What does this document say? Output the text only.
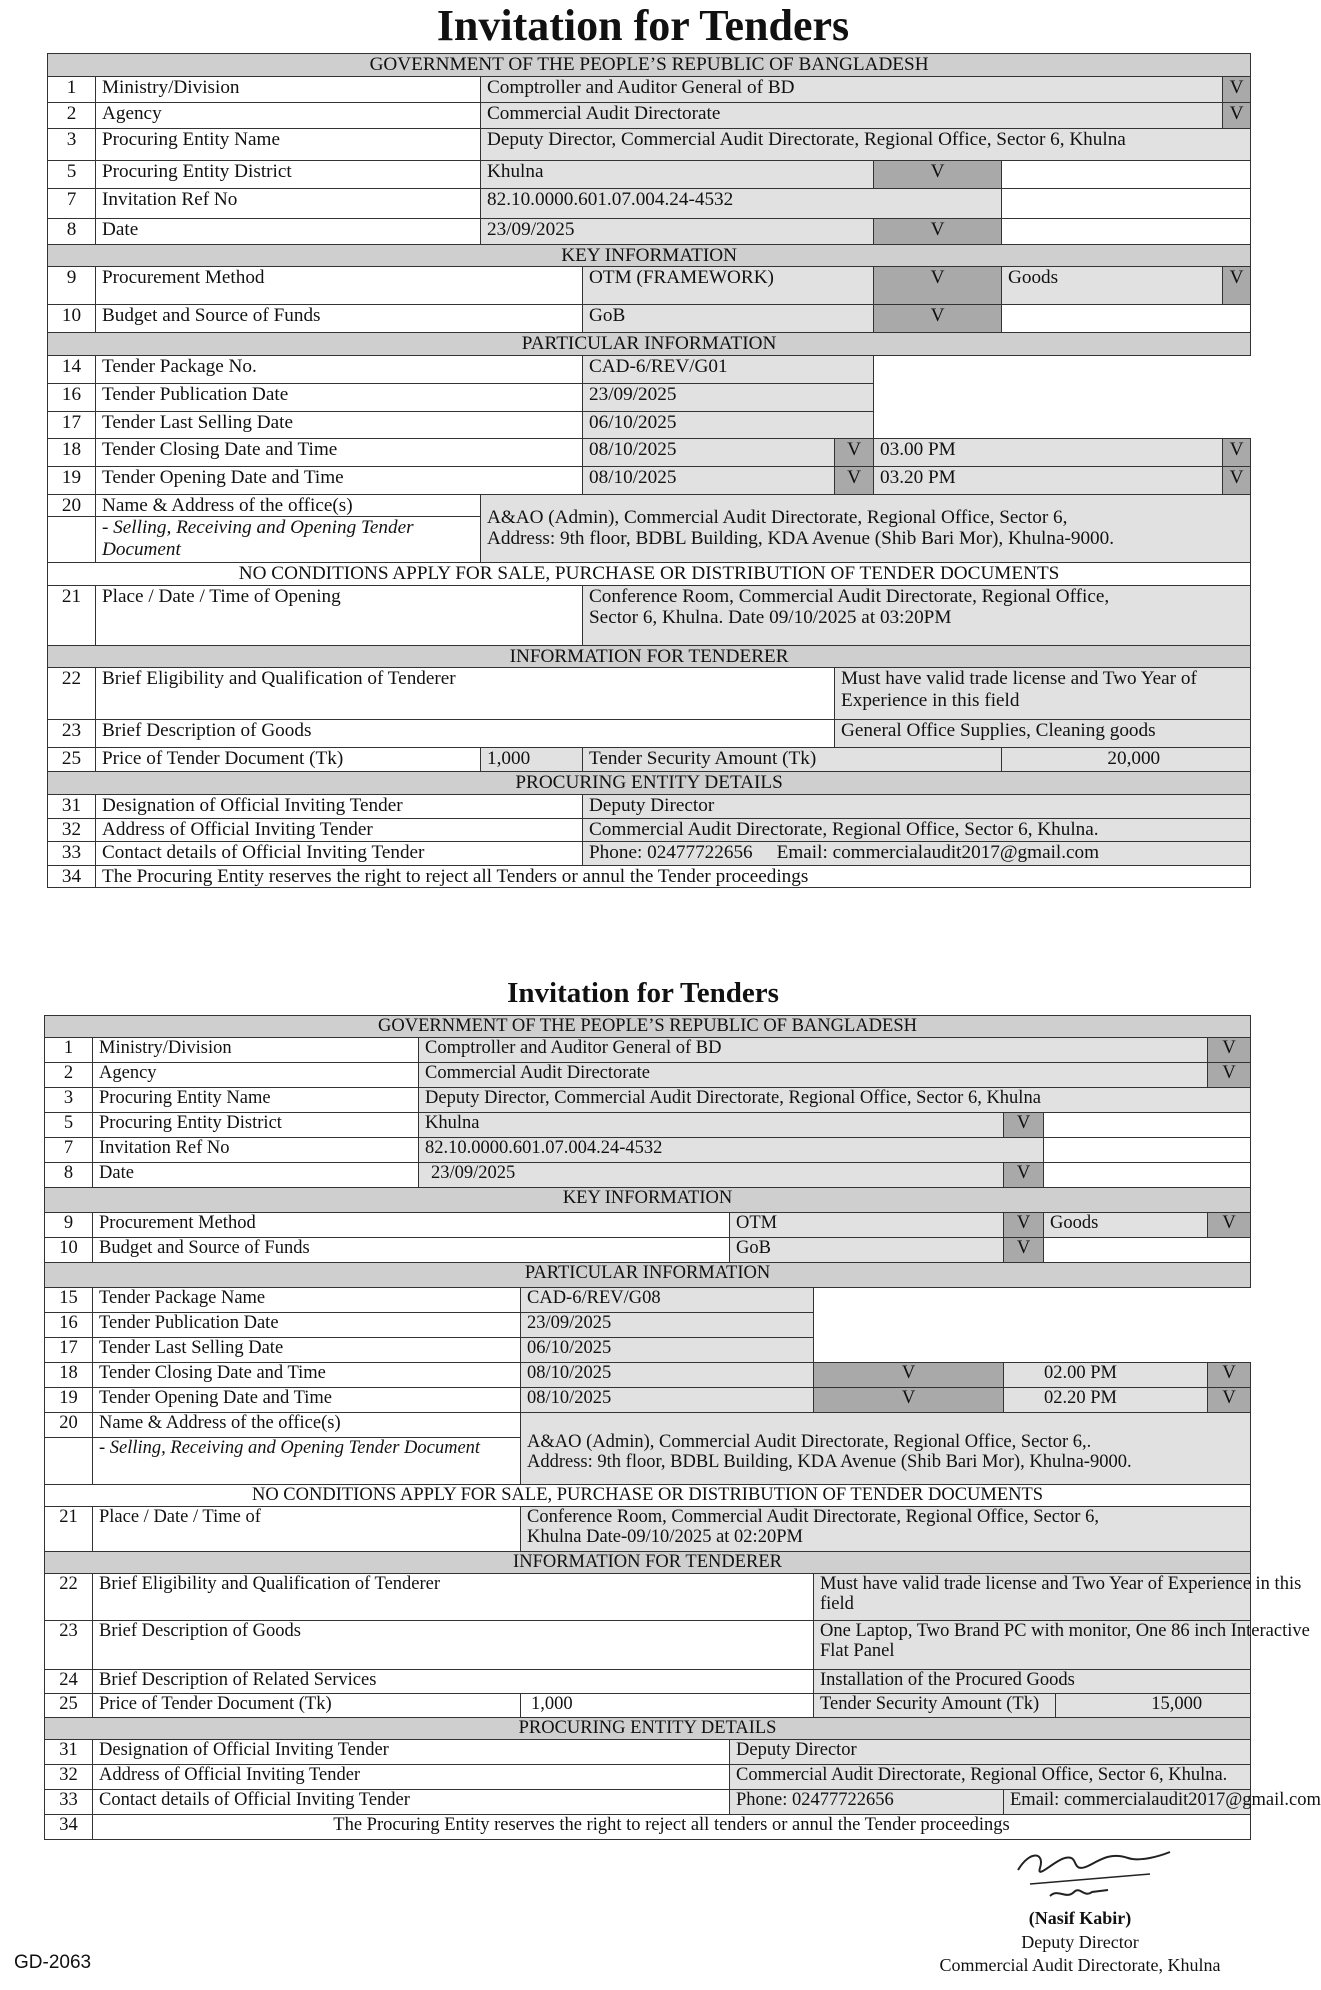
Invitation for Tenders
GOVERNMENT OF THE PEOPLE’S REPUBLIC OF BANGLADESH							
1	Ministry/Division	Comptroller and Auditor General of BD					V
2	Agency	Commercial Audit Directorate					V
3	Procuring Entity Name	Deputy Director, Commercial Audit Directorate, Regional Office, Sector 6, Khulna					
5	Procuring Entity District	Khulna			V		
7	Invitation Ref No	82.10.0000.601.07.004.24-4532					
8	Date	23/09/2025			V		
KEY INFORMATION							
9	Procurement Method		OTM (FRAMEWORK)		V	Goods	V
10	Budget and Source of Funds		GoB		V		
PARTICULAR INFORMATION							
14	Tender Package No.		CAD-6/REV/G01				
16	Tender Publication Date		23/09/2025				
17	Tender Last Selling Date		06/10/2025				
18	Tender Closing Date and Time		08/10/2025	V	03.00 PM		V
19	Tender Opening Date and Time		08/10/2025	V	03.20 PM		V
20	Name & Address of the office(s)	A&AO (Admin), Commercial Audit Directorate, Regional Office, Sector 6,
Address: 9th floor, BDBL Building, KDA Avenue (Shib Bari Mor), Khulna-9000.					

	- Selling, Receiving and Opening Tender Document						
NO CONDITIONS APPLY FOR SALE, PURCHASE OR DISTRIBUTION OF TENDER DOCUMENTS							
21	Place / Date / Time of Opening		Conference Room, Commercial Audit Directorate, Regional Office,
Sector 6, Khulna. Date 09/10/2025 at 03:20PM				

INFORMATION FOR TENDERER							
22	Brief Eligibility and Qualification of Tenderer			Must have valid trade license and Two Year of
Experience in this field			

23	Brief Description of Goods			General Office Supplies, Cleaning goods			
25	Price of Tender Document (Tk)	1,000	Tender Security Amount (Tk)			20,000	
PROCURING ENTITY DETAILS							
31	Designation of Official Inviting Tender		Deputy Director				
32	Address of Official Inviting Tender		Commercial Audit Directorate, Regional Office, Sector 6, Khulna.				
33	Contact details of Official Inviting Tender		Phone: 02477722656 Email: commercialaudit2017@gmail.com				
34	The Procuring Entity reserves the right to reject all Tenders or annul the Tender proceedings						
Invitation for Tenders
GOVERNMENT OF THE PEOPLE’S REPUBLIC OF BANGLADESH										
1	Ministry/Division	Comptroller and Auditor General of BD							V	
2	Agency	Commercial Audit Directorate							V	
3	Procuring Entity Name	Deputy Director, Commercial Audit Directorate, Regional Office, Sector 6, Khulna								
5	Procuring Entity District	Khulna				V				
7	Invitation Ref No	82.10.0000.601.07.004.24-4532								
8	Date	23/09/2025				V				
KEY INFORMATION										
9	Procurement Method			OTM		V	Goods		V	
10	Budget and Source of Funds			GoB		V				
PARTICULAR INFORMATION										
15	Tender Package Name		CAD-6/REV/G08							
16	Tender Publication Date		23/09/2025							
17	Tender Last Selling Date		06/10/2025							
18	Tender Closing Date and Time		08/10/2025		V	02.00 PM			V	
19	Tender Opening Date and Time		08/10/2025		V	02.20 PM			V	
20	Name & Address of the office(s)		A&AO (Admin), Commercial Audit Directorate, Regional Office, Sector 6,.
Address: 9th floor, BDBL Building, KDA Avenue (Shib Bari Mor), Khulna-9000.							

	- Selling, Receiving and Opening Tender Document									
NO CONDITIONS APPLY FOR SALE, PURCHASE OR DISTRIBUTION OF TENDER DOCUMENTS										
21	Place / Date / Time of		Conference Room, Commercial Audit Directorate, Regional Office, Sector 6,
Khulna Date-09/10/2025 at 02:20PM							

INFORMATION FOR TENDERER										
22	Brief Eligibility and Qualification of Tenderer				Must have valid trade license and Two Year of Experience in this
field					

23	Brief Description of Goods				One Laptop, Two Brand PC with monitor, One 86 inch Interactive
Flat Panel					

24	Brief Description of Related Services				Installation of the Procured Goods					
25	Price of Tender Document (Tk)		1,000		Tender Security Amount (Tk)			15,000		
PROCURING ENTITY DETAILS										
31	Designation of Official Inviting Tender			Deputy Director						
32	Address of Official Inviting Tender			Commercial Audit Directorate, Regional Office, Sector 6, Khulna.						
33	Contact details of Official Inviting Tender			Phone: 02477722656		Email: commercialaudit2017@gmail.com				
34	The Procuring Entity reserves the right to reject all tenders or annul the Tender proceedings									
(Nasif Kabir)
Deputy Director
Commercial Audit Directorate, Khulna
GD-2063
